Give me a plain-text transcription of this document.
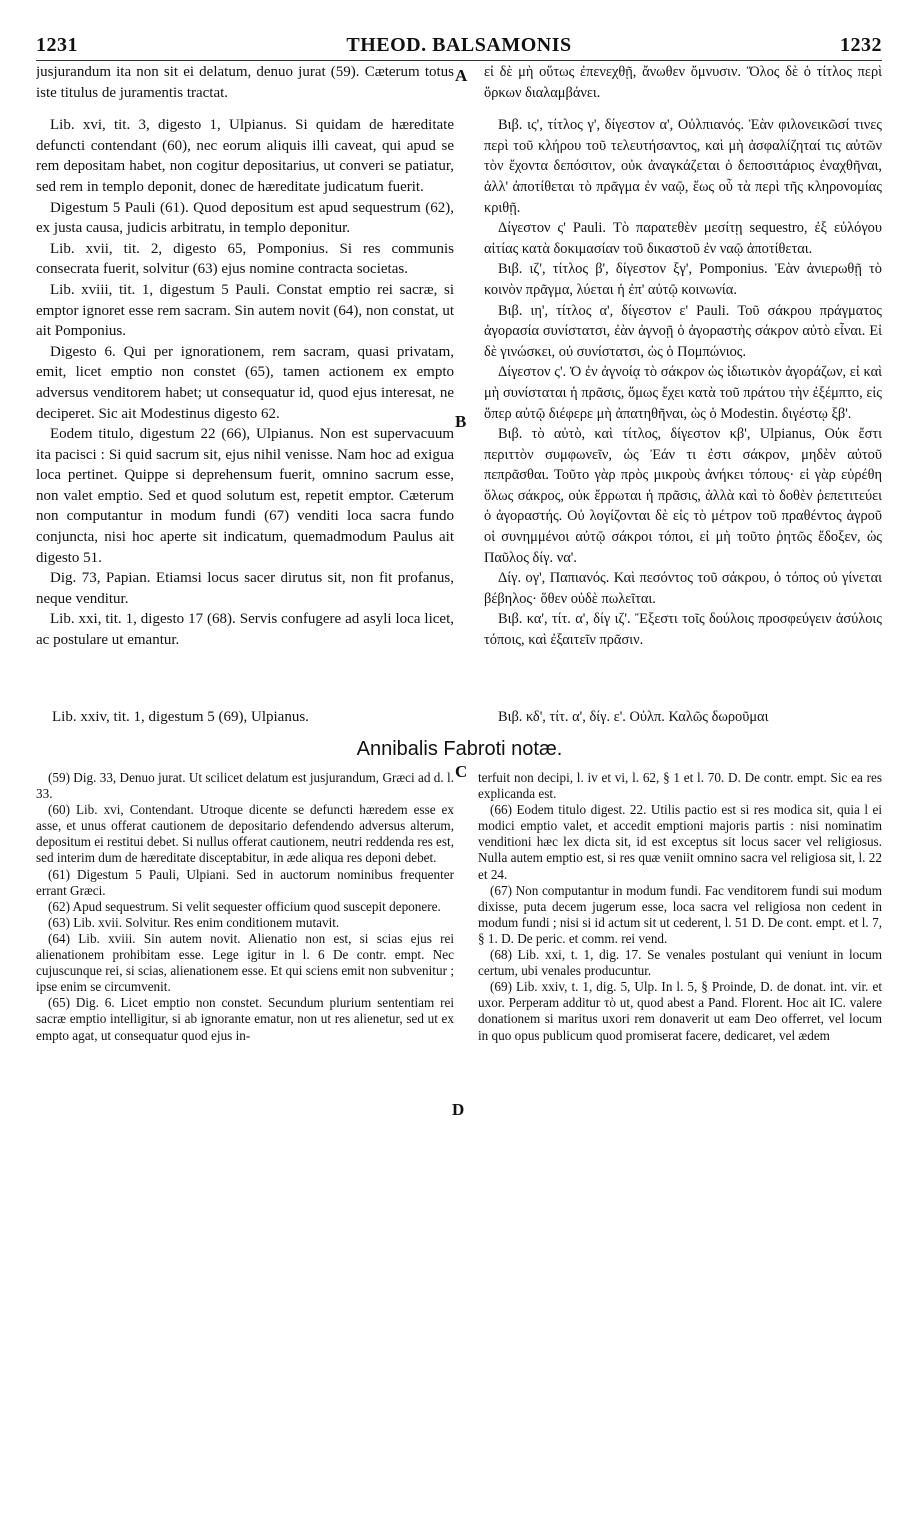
1231	THEOD. BALSAMONIS	1232

jusjurandum ita non sit ei delatum, denuo jurat (59). Cæterum totus iste titulus de juramentis tractat.

Lib. xvi, tit. 3, digesto 1, Ulpianus. Si quidam de hæreditate defuncti contendant (60), nec eorum aliquis illi caveat, qui apud se rem depositam habet, non cogitur depositarius, ut converi se patiatur, sed rem in templo deponit, donec de hæreditate judicatum fuerit.

Digestum 5 Pauli (61). Quod depositum est apud sequestrum (62), ex justa causa, judicis arbitratu, in templo deponitur.

Lib. xvii, tit. 2, digesto 65, Pomponius. Si res communis consecrata fuerit, solvitur (63) ejus nomine contracta societas.

Lib. xviii, tit. 1, digestum 5 Pauli. Constat emptio rei sacræ, si emptor ignoret esse rem sacram. Sin autem novit (64), non constat, ut ait Pomponius.

Digesto 6. Qui per ignorationem, rem sacram, quasi privatam, emit, licet emptio non constet (65), tamen actionem ex empto adversus venditorem habet; ut consequatur id, quod ejus interesat, ne deciperet. Sic ait Modestinus digesto 62.

Eodem titulo, digestum 22 (66), Ulpianus. Non est supervacuum ita pacisci : Si quid sacrum sit, ejus nihil venisse. Nam hoc ad exigua loca pertinet. Quippe si deprehensum fuerit, omnino sacrum esse, non valet emptio. Sed et quod solutum est, repetit emptor. Cæterum non computantur in modum fundi (67) venditi loca sacra fundo conjuncta, nisi hoc aperte sit indicatum, quemadmodum Paulus ait digesto 51.

Dig. 73, Papian. Etiamsi locus sacer dirutus sit, non fit profanus, neque venditur.

Lib. xxi, tit. 1, digesto 17 (68). Servis confugere ad asyli loca licet, ac postulare ut emantur.

εἰ δὲ μὴ οὕτως ἐπενεχθῇ, ἄνωθεν ὄμνυσιν. Ὅλος δὲ ὁ τίτλος περὶ ὅρκων διαλαμβάνει.

Βιβ. ις', τίτλος γ', δίγεστον α', Οὐλπιανός. Ἐὰν φιλονεικῶσί τινες περὶ τοῦ κλήρου τοῦ τελευτήσαντος, καὶ μὴ ἀσφαλίζηταί τις αὐτῶν τὸν ἔχοντα δεπόσιτον, οὐκ ἀναγκάζεται ὁ δεποσιτάριος ἐναχθῆναι, ἀλλ' ἀποτίθεται τὸ πρᾶγμα ἐν ναῷ, ἕως οὗ τὰ περὶ τῆς κληρονομίας κριθῇ.

Δίγεστον ς' Pauli. Τὸ παρατεθὲν μεσίτῃ sequestro, ἐξ εὐλόγου αἰτίας κατὰ δοκιμασίαν τοῦ δικαστοῦ ἐν ναῷ ἀποτίθεται.

Βιβ. ιζ', τίτλος β', δίγεστον ξγ', Pomponius. Ἐὰν ἀνιερωθῇ τὸ κοινὸν πρᾶγμα, λύεται ἡ ἐπ' αὐτῷ κοινωνία.

Βιβ. ιη', τίτλος α', δίγεστον ε' Pauli. Τοῦ σάκρου πράγματος ἀγορασία συνίστατσι, ἐὰν ἀγνοῇ ὁ ἀγοραστὴς σάκρον αὐτὸ εἶναι. Εἰ δὲ γινώσκει, οὐ συνίστατσι, ὡς ὁ Πομπώνιος.

Δίγεστον ς'. Ὁ ἐν ἀγνοίᾳ τὸ σάκρον ὡς ἰδιωτικὸν ἀγοράζων, εἰ καὶ μὴ συνίσταται ἡ πρᾶσις, ὅμως ἔχει κατὰ τοῦ πράτου τὴν ἐξέμπτο, εἰς ὅπερ αὐτῷ διέφερε μὴ ἀπατηθῆναι, ὡς ὁ Modestin. διγέστῳ ξβ'.

Βιβ. τὸ αὐτὸ, καὶ τίτλος, δίγεστον κβ', Ulpianus, Οὐκ ἔστι περιττὸν συμφωνεῖν, ὡς Ἐάν τι ἐστι σάκρον, μηδὲν αὐτοῦ πεπρᾶσθαι. Τοῦτο γὰρ πρὸς μικροὺς ἀνήκει τόπους· εἰ γὰρ εὑρέθη ὅλως σάκρος, οὐκ ἔρρωται ἡ πρᾶσις, ἀλλὰ καὶ τὸ δοθὲν ῥεπετιτεύει ὁ ἀγοραστής. Οὐ λογίζονται δὲ εἰς τὸ μέτρον τοῦ πραθέντος ἀγροῦ οἱ συνημμένοι αὐτῷ σάκροι τόποι, εἰ μὴ τοῦτο ῥητῶς ἔδοξεν, ὡς Παῦλος δίγ. να'.

Δίγ. ογ', Παπιανός. Καὶ πεσόντος τοῦ σάκρου, ὁ τόπος οὐ γίνεται βέβηλος· ὅθεν οὐδὲ πωλεῖται.

Βιβ. κα', τίτ. α', δίγ ιζ'. Ἔξεστι τοῖς δούλοις προσφεύγειν ἀσύλοις τόποις, καὶ ἐξαιτεῖν πρᾶσιν.

Lib. xxiv, tit. 1, digestum 5 (69), Ulpianus.	Βιβ. κδ', τίτ. α', δίγ. ε'. Οὐλπ. Καλῶς δωροῦμαι
A
B
C
D
Annibalis Fabroti notæ.

(59) Dig. 33, Denuo jurat. Ut scilicet delatum est jusjurandum, Græci ad d. l. 33.

(60) Lib. xvi, Contendant. Utroque dicente se defuncti hæredem esse ex asse, et unus offerat cautionem de depositario defendendo adversus alterum, depositum ei restitui debet. Si nullus offerat cautionem, neutri reddenda res est, sed interim dum de hæreditate disceptabitur, in æde aliqua res deponi debet.

(61) Digestum 5 Pauli, Ulpiani. Sed in auctorum nominibus frequenter errant Græci.

(62) Apud sequestrum. Si velit sequester officium quod suscepit deponere.

(63) Lib. xvii. Solvitur. Res enim conditionem mutavit.

(64) Lib. xviii. Sin autem novit. Alienatio non est, si scias ejus rei alienationem prohibitam esse. Lege igitur in l. 6 De contr. empt. Nec cujuscunque rei, si scias, alienationem esse. Et qui sciens emit non subvenitur ; ipse enim se circumvenit.

(65) Dig. 6. Licet emptio non constet. Secundum plurium sententiam rei sacræ emptio intelligitur, si ab ignorante ematur, non ut res alienetur, sed ut ex empto agat, ut consequatur quod ejus in-

terfuit non decipi, l. iv et vi, l. 62, § 1 et l. 70. D. De contr. empt. Sic ea res explicanda est.

(66) Eodem titulo digest. 22. Utilis pactio est si res modica sit, quia l ei modici emptio valet, et accedit emptioni majoris partis : nisi nominatim venditioni hæc lex dicta sit, id est exceptus sit locus sacer vel religiosus. Nulla autem emptio est, si res quæ veniit omnino sacra vel religiosa sit, l. 22 et 24.

(67) Non computantur in modum fundi. Fac venditorem fundi sui modum dixisse, puta decem jugerum esse, loca sacra vel religiosa non cedent in modum fundi ; nisi si id actum sit ut cederent, l. 51 D. De cont. empt. et l. 7, § 1. D. De peric. et comm. rei vend.

(68) Lib. xxi, t. 1, dig. 17. Se venales postulant qui veniunt in locum certum, ubi venales producuntur.

(69) Lib. xxiv, t. 1, dig. 5, Ulp. In l. 5, § Proinde, D. de donat. int. vir. et uxor. Perperam additur τὸ ut, quod abest a Pand. Florent. Hoc ait IC. valere donationem si maritus uxori rem donaverit ut eam Deo offerret, vel locum in quo opus publicum quod promiserat facere, dedicaret, vel ædem
